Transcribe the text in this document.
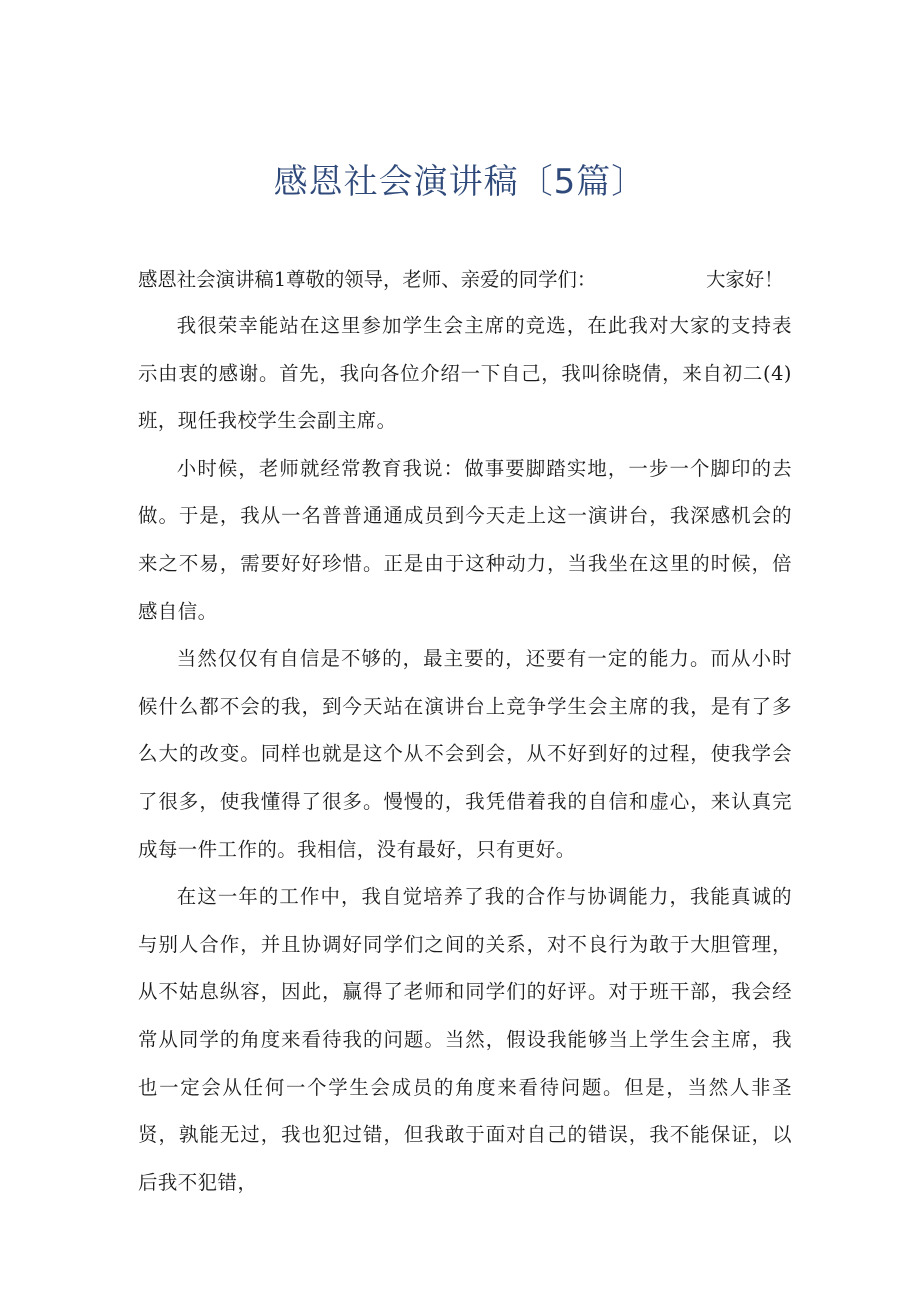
感恩社会演讲稿〔5篇〕
感恩社会演讲稿1尊敬的领导，老师、亲爱的同学们：	大家好！

我很荣幸能站在这里参加学生会主席的竞选，在此我对大家的支持表示由衷的感谢。首先，我向各位介绍一下自己，我叫徐晓倩，来自初二(4)班，现任我校学生会副主席。

小时候，老师就经常教育我说：做事要脚踏实地，一步一个脚印的去做。于是，我从一名普普通通成员到今天走上这一演讲台，我深感机会的来之不易，需要好好珍惜。正是由于这种动力，当我坐在这里的时候，倍感自信。

当然仅仅有自信是不够的，最主要的，还要有一定的能力。而从小时候什么都不会的我，到今天站在演讲台上竞争学生会主席的我，是有了多么大的改变。同样也就是这个从不会到会，从不好到好的过程，使我学会了很多，使我懂得了很多。慢慢的，我凭借着我的自信和虚心，来认真完成每一件工作的。我相信，没有最好，只有更好。

在这一年的工作中，我自觉培养了我的合作与协调能力，我能真诚的与别人合作，并且协调好同学们之间的关系，对不良行为敢于大胆管理，从不姑息纵容，因此，赢得了老师和同学们的好评。对于班干部，我会经常从同学的角度来看待我的问题。当然，假设我能够当上学生会主席，我也一定会从任何一个学生会成员的角度来看待问题。但是，当然人非圣贤，孰能无过，我也犯过错，但我敢于面对自己的错误，我不能保证，以后我不犯错，
